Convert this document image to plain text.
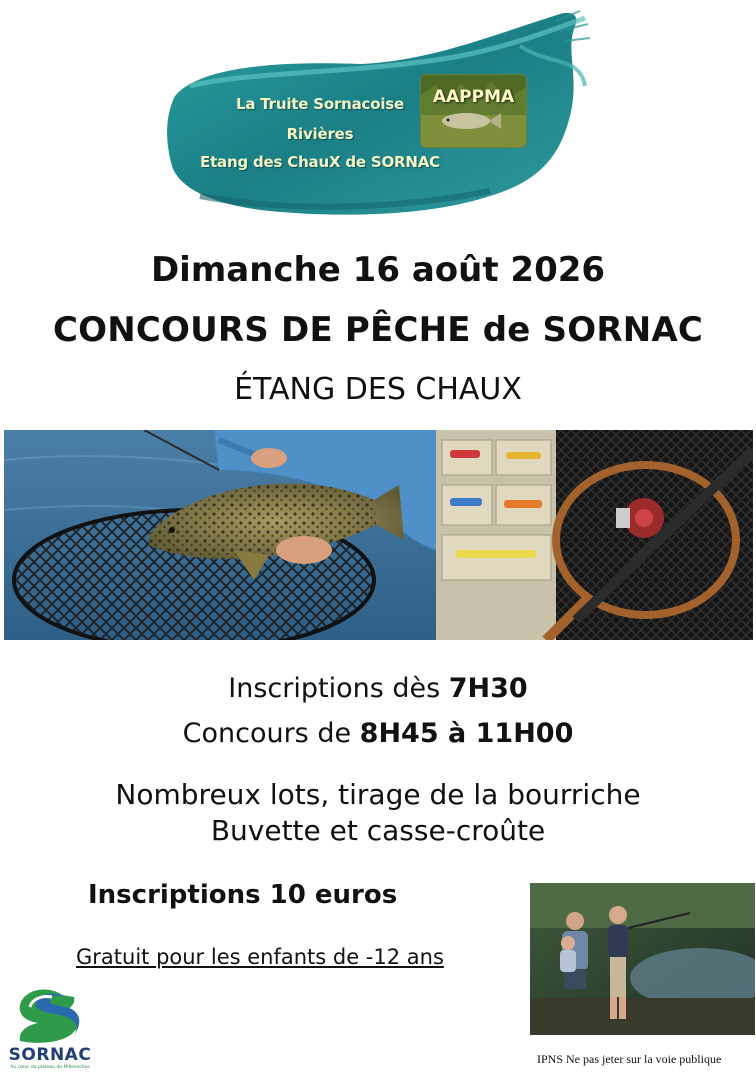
La Truite Sornacoise
Rivières
Etang des ChauX de SORNAC
AAPPMA
Dimanche 16 août 2026
CONCOURS DE PÊCHE de SORNAC
ÉTANG DES CHAUX
Inscriptions dès 7H30
Concours de 8H45 à 11H00
Nombreux lots, tirage de la bourriche
Buvette et casse-croûte
Inscriptions 10 euros
Gratuit pour les enfants de -12 ans
SORNAC
Au cœur du plateau de Millevaches
IPNS Ne pas jeter sur la voie publique
